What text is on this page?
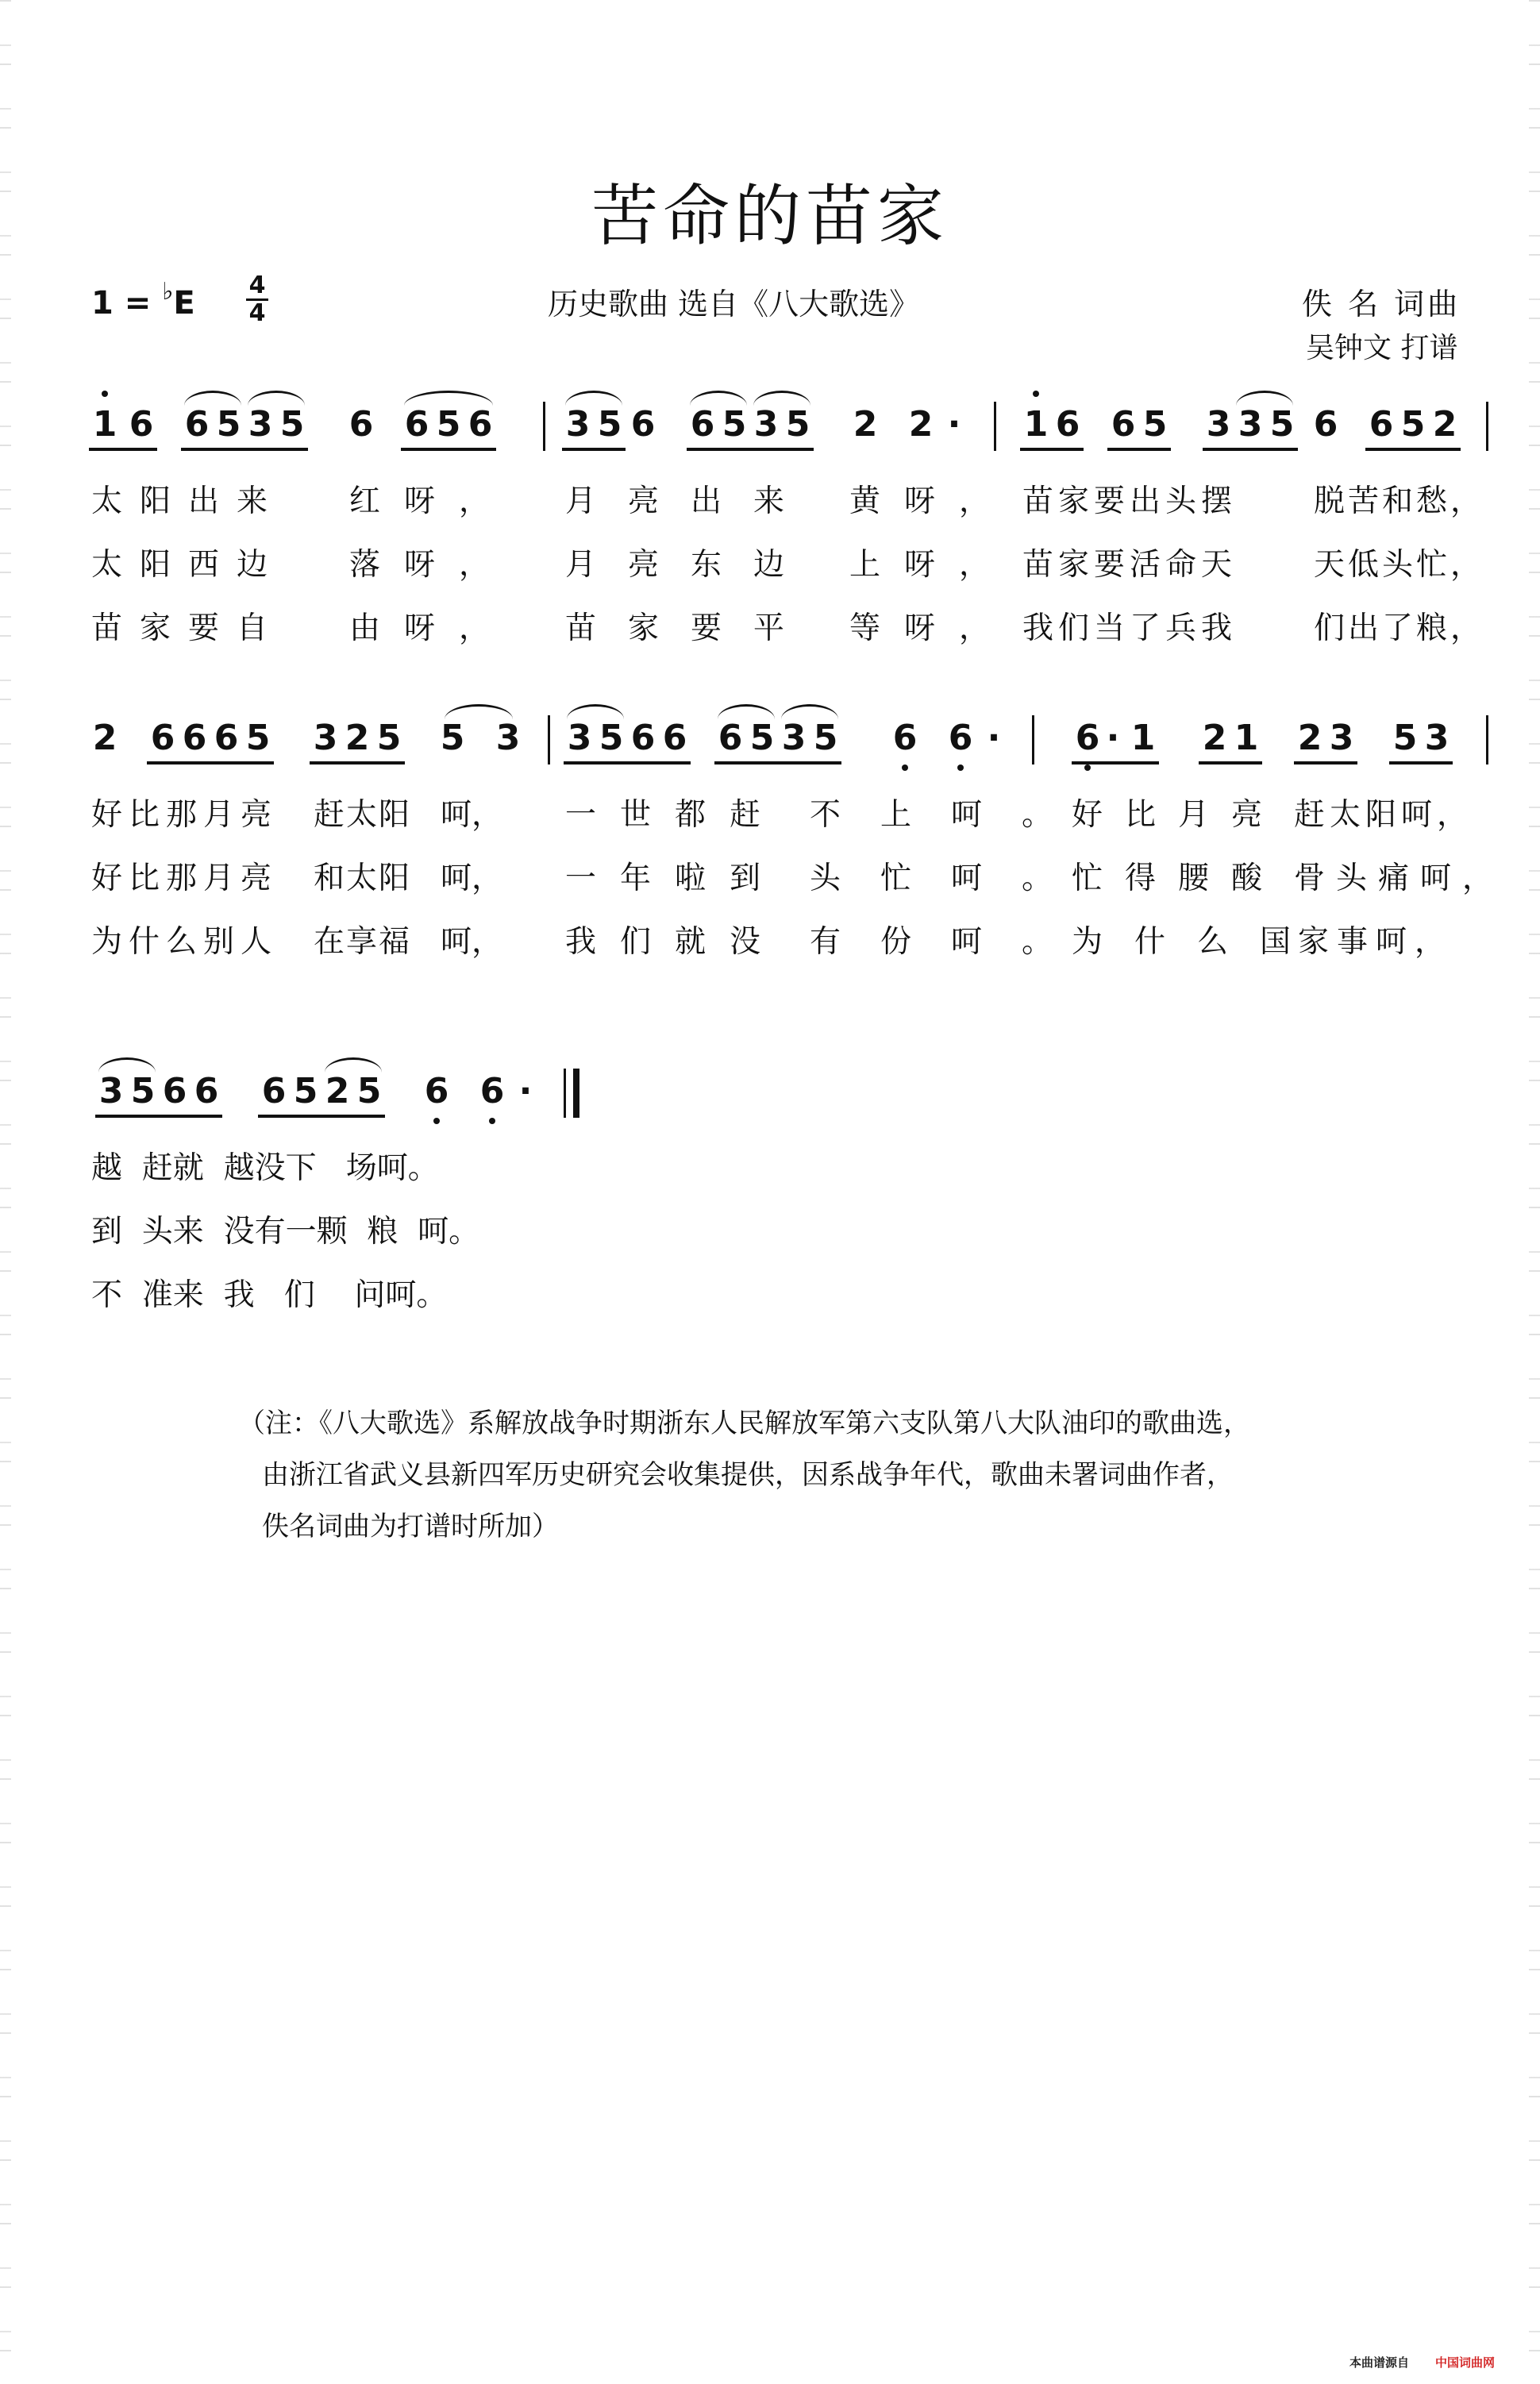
苦命的苗家
1 = ♭E 4
4	历史歌曲 选自《八大歌选》	佚 名 词曲
吴钟文 打谱
1 6 6 5 3 5 6 6 5 6 3 5 6 6 5 3 5 2 2 · 1 6 6 5 3 3 5 6 6 5 2
太阳出来 红呀， 月亮出来 黄呀， 苗家要出头摆 脱苦和愁，
太阳西边 落呀， 月亮东边 上呀， 苗家要活命天 天低头忙，
苗家要自 由呀， 苗家要平 等呀， 我们当了兵我 们出了粮，
2 6 6 6 5 3 2 5 5 3 3 5 6 6 6 5 3 5 6 6 · 6 · 1 2 1 2 3 5 3
好比那月亮 赶太阳 呵， 一世都赶 不上呵。
好比月亮 赶太阳呵，
好比那月亮 和太阳 呵， 一年啦到 头忙呵。
忙得腰酸 骨头痛呵，
为什么别人 在享福 呵， 我们就没 有份呵。
为什么国
家事呵，
3 5 6 6 6 5 2 5 6 6 ·
越  赶就  越没下   场呵。
到  头来  没有一颗  粮  呵。
不  准来  我   们    问呵。
（注：《八大歌选》系解放战争时期浙东人民解放军第六支队第八大队油印的歌曲选，
由浙江省武义县新四军历史研究会收集提供，因系战争年代，歌曲未署词曲作者，
佚名词曲为打谱时所加）
本曲谱源自 中国词曲网
